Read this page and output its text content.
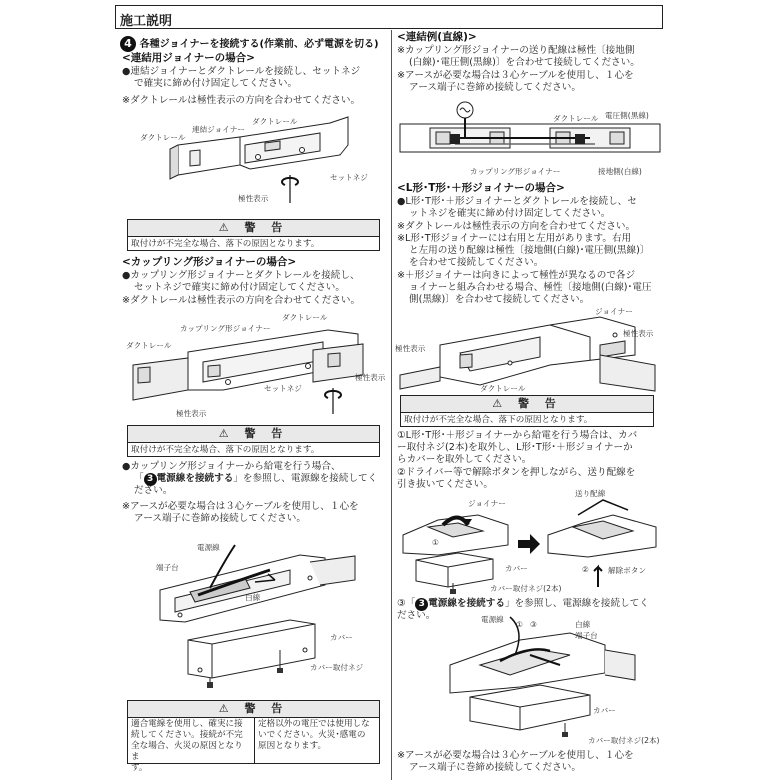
施工説明
4 各種ジョイナーを接続する(作業前、必ず電源を切る)
<連結用ジョイナーの場合>
●連結ジョイナーとダクトレールを接続し、セットネジ
で確実に締め付け固定してください。
※ダクトレールは極性表示の方向を合わせてください。
ダクトレール
連結ジョイナー
ダクトレール
セットネジ
極性表示
⚠ 警 告
取付けが不完全な場合、落下の原因となります。
<カップリング形ジョイナーの場合>
●カップリング形ジョイナーとダクトレールを接続し、
セットネジで確実に締め付け固定してください。
※ダクトレールは極性表示の方向を合わせてください。
ダクトレール
カップリング形ジョイナー
ダクトレール
セットネジ
極性表示
極性表示
⚠ 警 告
取付けが不完全な場合、落下の原因となります。
●カップリング形ジョイナーから給電を行う場合、
「 3 電源線を接続する」を参照し、電源線を接続してく
ださい。
※アースが必要な場合は３心ケーブルを使用し、１心を
アース端子に巻締め接続してください。
電源線
端子台
白線
カバー
カバー取付ネジ
⚠ 警 告
適合電線を使用し、確実に接
続してください。接続が不完
全な場合、火災の原因となりま
す。
定格以外の電圧では使用しな
いでください。火災･感電の
原因となります。
<連結例(直線)>
※カップリング形ジョイナーの送り配線は極性〔接地側
(白線)･電圧側(黒線)〕を合わせて接続してください。
※アースが必要な場合は３心ケーブルを使用し、１心を
アース端子に巻締め接続してください。
ダクトレール 電圧側(黒線)
カップリング形ジョイナー	接地側(白線)
<L形･T形･＋形ジョイナーの場合>
●L形･T形･＋形ジョイナーとダクトレールを接続し、セ
ットネジを確実に締め付け固定してください。
※ダクトレールは極性表示の方向を合わせてください。
※L形･T形ジョイナーには右用と左用があります。右用
と左用の送り配線は極性〔接地側(白線)･電圧側(黒線)〕
を合わせて接続してください。
※＋形ジョイナーは向きによって極性が異なるので各ジ
ョイナーと組み合わせる場合、極性〔接地側(白線)･電圧
側(黒線)〕を合わせて接続してください。
ジョイナー
極性表示
極性表示
ダクトレール
⚠ 警 告
取付けが不完全な場合、落下の原因となります。
①L形･T形･＋形ジョイナーから給電を行う場合は、カバ
ー取付ネジ(2本)を取外し、L形･T形･＋形ジョイナーか
らカバーを取外してください。
②ドライバー等で解除ボタンを押しながら、送り配線を
引き抜いてください。
ジョイナー
送り配線
カバー
カバー取付ネジ(2本)
解除ボタン
①
②
③「 3 電源線を接続する」を参照し、電源線を接続してく
ださい。	電源線
白線
端子台
① ③
カバー
カバー取付ネジ(2本)
※アースが必要な場合は３心ケーブルを使用し、１心を
アース端子に巻締め接続してください。
